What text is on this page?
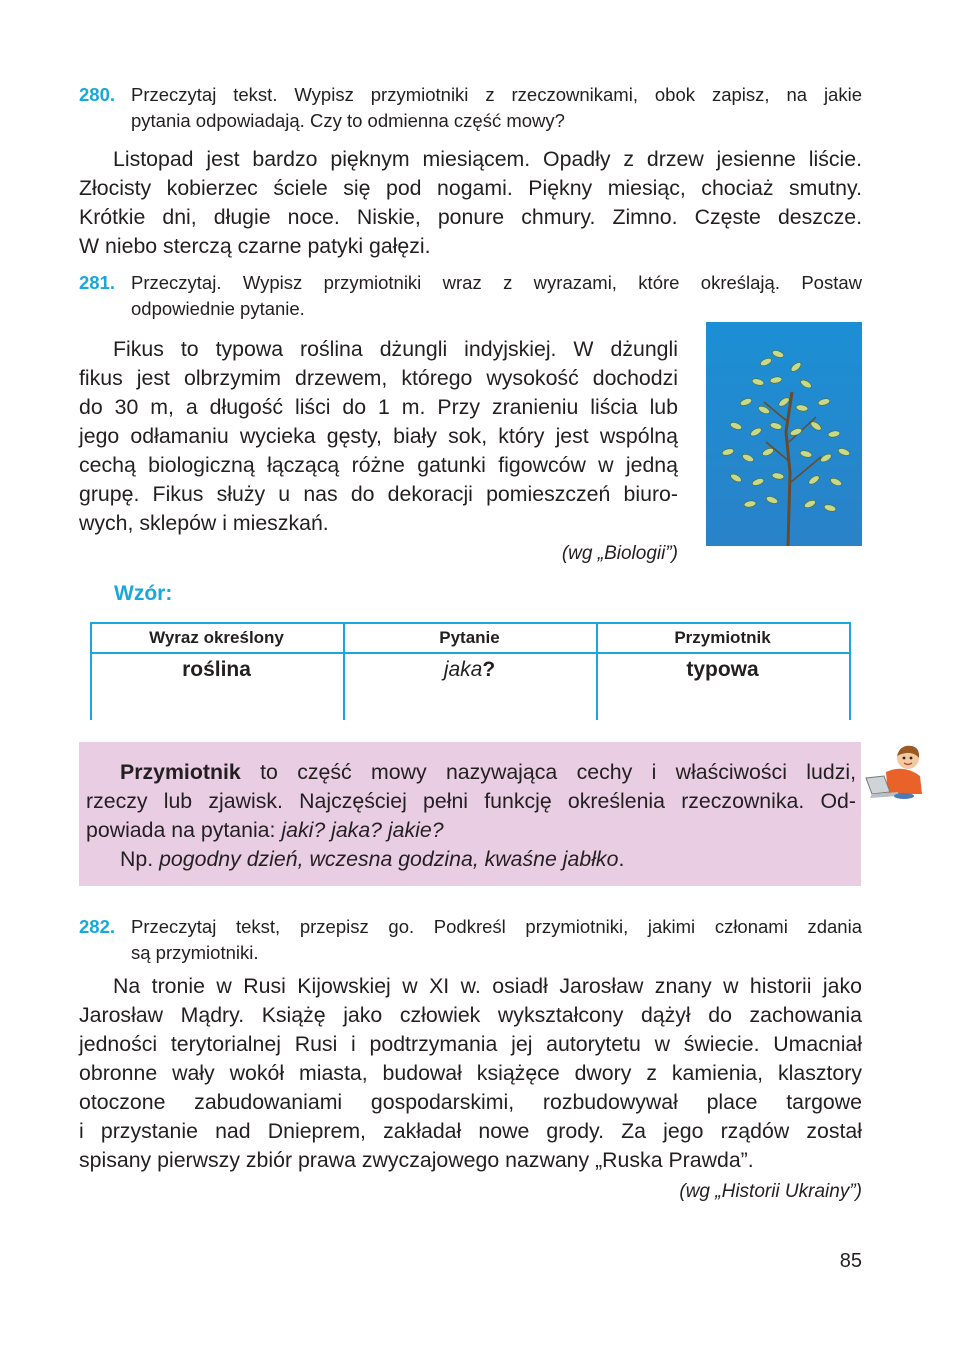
280. Przeczytaj tekst. Wypisz przymiotniki z rzeczownikami, obok zapisz, na jakie
pytania odpowiadają. Czy to odmienna część mowy?
Listopad jest bardzo pięknym miesiącem. Opadły z drzew jesienne liście.
Złocisty kobierzec ściele się pod nogami. Piękny miesiąc, chociaż smutny.
Krótkie dni, długie noce. Niskie, ponure chmury. Zimno. Częste deszcze.
W niebo sterczą czarne patyki gałęzi.
281. Przeczytaj. Wypisz przymiotniki wraz z wyrazami, które określają. Postaw
odpowiednie pytanie.
Fikus to typowa roślina dżungli indyjskiej. W dżungli
fikus jest olbrzymim drzewem, którego wysokość dochodzi
do 30 m, a długość liści do 1 m. Przy zranieniu liścia lub
jego odłamaniu wycieka gęsty, biały sok, który jest wspólną
cechą biologiczną łączącą różne gatunki figowców w jedną
grupę. Fikus służy u nas do dekoracji pomieszczeń biuro-
wych, sklepów i mieszkań.
(wg „Biologii”)
Wzór:
Wyraz określony	Pytanie	Przymiotnik
roślina	jaka?	typowa
Przymiotnik to część mowy nazywająca cechy i właściwości ludzi,
rzeczy lub zjawisk. Najczęściej pełni funkcję określenia rzeczownika. Od-
powiada na pytania: jaki? jaka? jakie?
Np. pogodny dzień, wczesna godzina, kwaśne jabłko.
282. Przeczytaj tekst, przepisz go. Podkreśl przymiotniki, jakimi członami zdania
są przymiotniki.
Na tronie w Rusi Kijowskiej w XI w. osiadł Jarosław znany w historii jako
Jarosław Mądry. Książę jako człowiek wykształcony dążył do zachowania
jedności terytorialnej Rusi i podtrzymania jej autorytetu w świecie. Umacniał
obronne wały wokół miasta, budował książęce dwory z kamienia, klasztory
otoczone zabudowaniami gospodarskimi, rozbudowywał place targowe
i przystanie nad Dnieprem, zakładał nowe grody. Za jego rządów został
spisany pierwszy zbiór prawa zwyczajowego nazwany „Ruska Prawda”.
(wg „Historii Ukrainy”)
85
